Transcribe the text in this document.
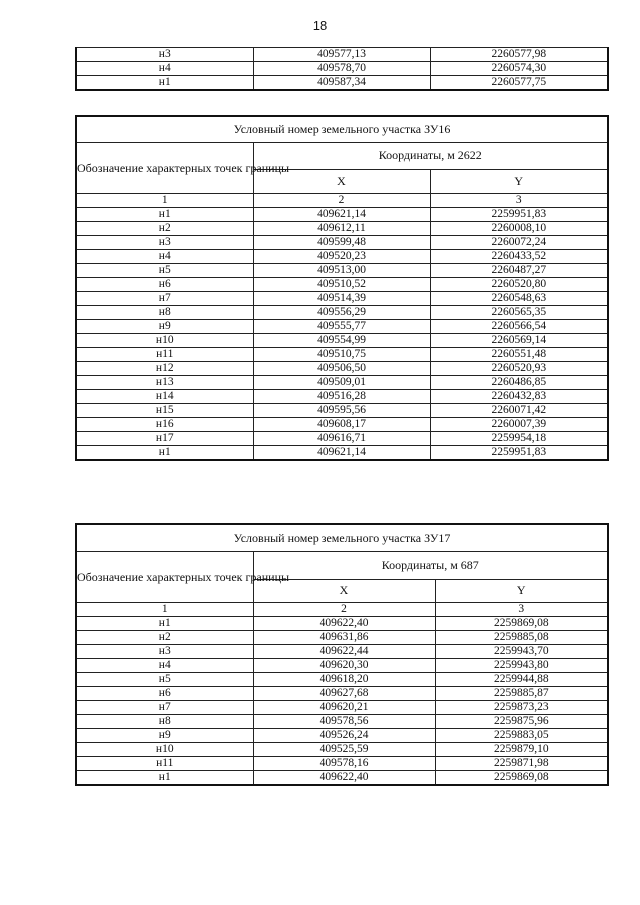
18
н3	409577,13	2260577,98
н4	409578,70	2260574,30
н1	409587,34	2260577,75
Условный номер земельного участка ЗУ16		
Обозначение характерных точек границы	Координаты, м 2622	
	X	Y
1	2	3
н1	409621,14	2259951,83
н2	409612,11	2260008,10
н3	409599,48	2260072,24
н4	409520,23	2260433,52
н5	409513,00	2260487,27
н6	409510,52	2260520,80
н7	409514,39	2260548,63
н8	409556,29	2260565,35
н9	409555,77	2260566,54
н10	409554,99	2260569,14
н11	409510,75	2260551,48
н12	409506,50	2260520,93
н13	409509,01	2260486,85
н14	409516,28	2260432,83
н15	409595,56	2260071,42
н16	409608,17	2260007,39
н17	409616,71	2259954,18
н1	409621,14	2259951,83
Условный номер земельного участка ЗУ17		
Обозначение характерных точек границы	Координаты, м 687	
	X	Y
1	2	3
н1	409622,40	2259869,08
н2	409631,86	2259885,08
н3	409622,44	2259943,70
н4	409620,30	2259943,80
н5	409618,20	2259944,88
н6	409627,68	2259885,87
н7	409620,21	2259873,23
н8	409578,56	2259875,96
н9	409526,24	2259883,05
н10	409525,59	2259879,10
н11	409578,16	2259871,98
н1	409622,40	2259869,08
